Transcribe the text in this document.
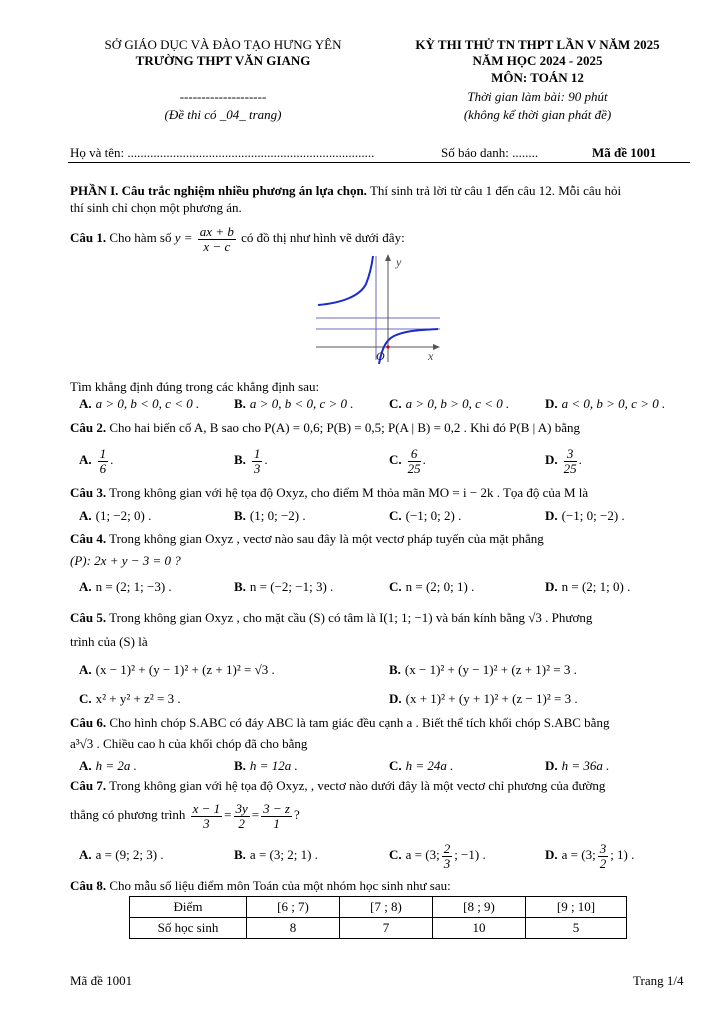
SỞ GIÁO DỤC VÀ ĐÀO TẠO HƯNG YÊN
TRƯỜNG THPT VĂN GIANG
--------------------
(Đề thi có _04_ trang)
KỲ THI THỬ TN THPT LẦN V NĂM 2025
NĂM HỌC 2024 - 2025
MÔN: TOÁN 12
Thời gian làm bài: 90 phút
(không kể thời gian phát đề)
Họ và tên: ............................................................................	Số báo danh: ........	Mã đề 1001
PHẦN I. Câu trắc nghiệm nhiều phương án lựa chọn. Thí sinh trả lời từ câu 1 đến câu 12. Mỗi câu hỏi
thí sinh chỉ chọn một phương án.
Câu 1. Cho hàm số $y = \frac{ax + b}{x - c}$ có đồ thị như hình vẽ dưới đây:
y
x
O
Tìm khẳng định đúng trong các khẳng định sau:
A. a > 0, b < 0, c < 0 .	B. a > 0, b < 0, c > 0 .	C. a > 0, b > 0, c < 0 .	D. a < 0, b > 0, c > 0 .
Câu 2. Cho hai biến cố A, B sao cho P(A) = 0,6; P(B) = 0,5; P(A | B) = 0,2 . Khi đó P(B | A) bằng
A. $\frac{1}{6}$ .	B. $\frac{1}{3}$ .	C. $\frac{6}{25}$ .	D. $\frac{3}{25}$ .
Câu 3. Trong không gian với hệ tọa độ Oxyz, cho điểm M thỏa mãn MO = i − 2k . Tọa độ của M là
A. (1; −2; 0) .	B. (1; 0; −2) .	C. (−1; 0; 2) .	D. (−1; 0; −2) .
Câu 4. Trong không gian Oxyz , vectơ nào sau đây là một vectơ pháp tuyến của mặt phẳng
(P): 2x + y − 3 = 0 ?
A. n = (2; 1; −3) .	B. n = (−2; −1; 3) .	C. n = (2; 0; 1) .	D. n = (2; 1; 0) .
Câu 5. Trong không gian Oxyz , cho mặt cầu (S) có tâm là I(1; 1; −1) và bán kính bằng √3 . Phương
trình của (S) là
A. (x − 1)² + (y − 1)² + (z + 1)² = √3 .	B. (x − 1)² + (y − 1)² + (z + 1)² = 3 .
C. x² + y² + z² = 3 .	D. (x + 1)² + (y + 1)² + (z − 1)² = 3 .
Câu 6. Cho hình chóp S.ABC có đáy ABC là tam giác đều cạnh a . Biết thể tích khối chóp S.ABC bằng
a³√3 . Chiều cao h của khối chóp đã cho bằng
A. h = 2a .	B. h = 12a .	C. h = 24a .	D. h = 36a .
Câu 7. Trong không gian với hệ tọa độ Oxyz, , vectơ nào dưới đây là một vectơ chỉ phương của đường
thẳng có phương trình $\frac{x - 1}{3} = \frac{3y}{2} = \frac{3 - z}{1}$ ?
A. a = (9; 2; 3) .	B. a = (3; 2; 1) .	C. a = (3; $\frac{2}{3}$ ; −1) .	D. a = (3; $\frac{3}{2}$ ; 1) .
Câu 8. Cho mẫu số liệu điểm môn Toán của một nhóm học sinh như sau:
Điểm	[6 ; 7)	[7 ; 8)	[8 ; 9)	[9 ; 10]
Số học sinh	8	7	10	5
Mã đề 1001	Trang 1/4
